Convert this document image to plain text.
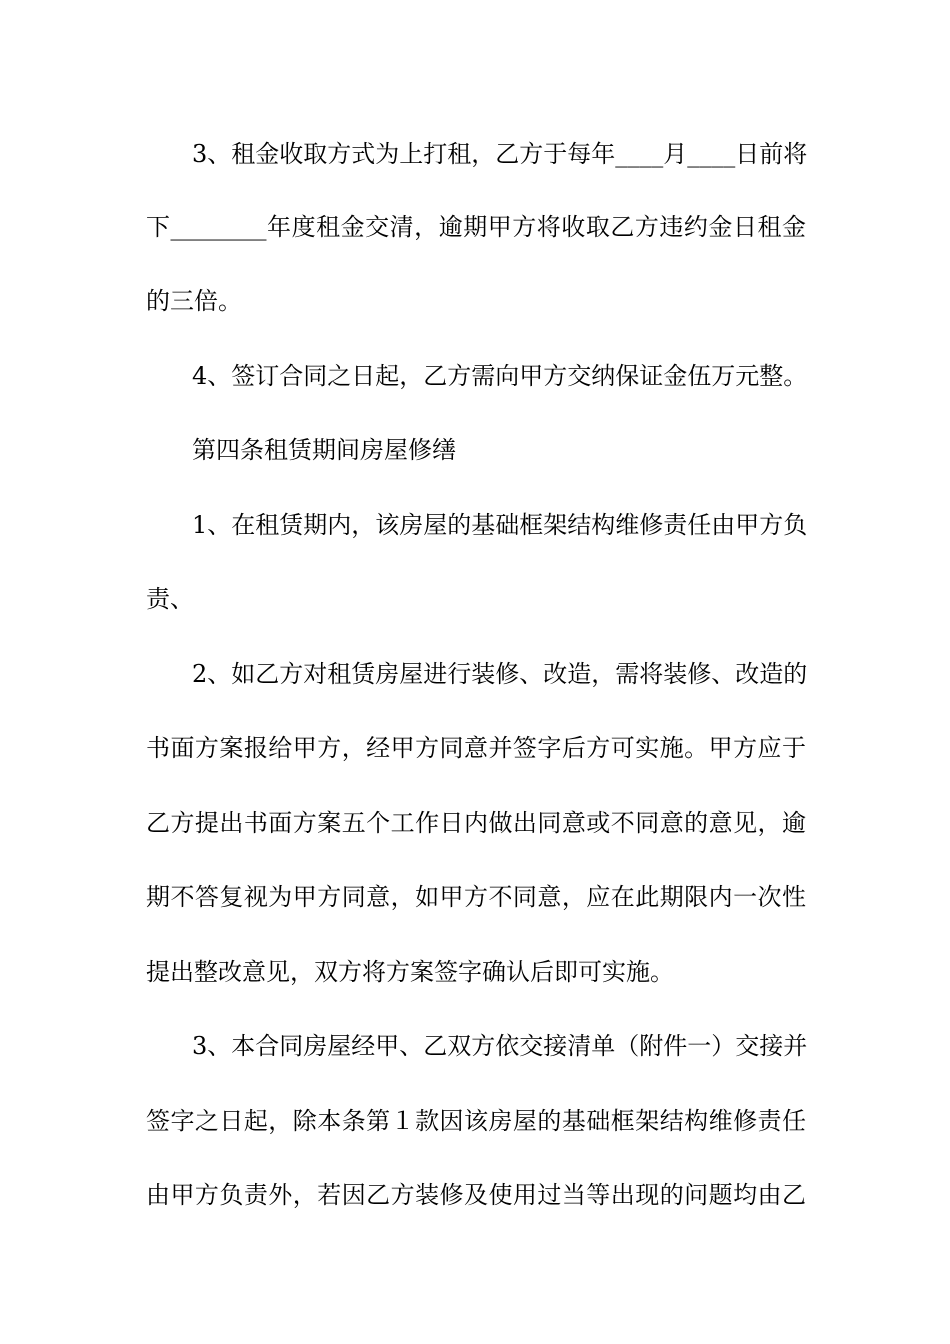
3、租金收取方式为上打租，乙方于每年____月____日前将
下________年度租金交清，逾期甲方将收取乙方违约金日租金
的三倍。
4、签订合同之日起，乙方需向甲方交纳保证金伍万元整。
第四条租赁期间房屋修缮
1、在租赁期内，该房屋的基础框架结构维修责任由甲方负
责、
2、如乙方对租赁房屋进行装修、改造，需将装修、改造的
书面方案报给甲方，经甲方同意并签字后方可实施。甲方应于
乙方提出书面方案五个工作日内做出同意或不同意的意见，逾
期不答复视为甲方同意，如甲方不同意，应在此期限内一次性
提出整改意见，双方将方案签字确认后即可实施。
3、本合同房屋经甲、乙双方依交接清单（附件一）交接并
签字之日起，除本条第１款因该房屋的基础框架结构维修责任
由甲方负责外，若因乙方装修及使用过当等出现的问题均由乙
